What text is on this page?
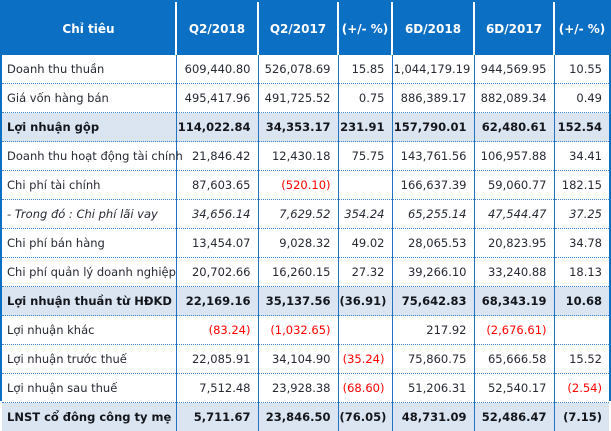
Chỉ tiêu	Q2/2018	Q2/2017	(+/- %)	6D/2018	6D/2017	(+/- %)
Doanh thu thuần	609,440.80	526,078.69	15.85	1,044,179.19	944,569.95	10.55
Giá vốn hàng bán	495,417.96	491,725.52	0.75	886,389.17	882,089.34	0.49
Lợi nhuận gộp	114,022.84	34,353.17	231.91	157,790.01	62,480.61	152.54
Doanh thu hoạt động tài chính	21,846.42	12,430.18	75.75	143,761.56	106,957.88	34.41
Chi phí tài chính	87,603.65	(520.10)		166,637.39	59,060.77	182.15
- Trong đó : Chi phí lãi vay	34,656.14	7,629.52	354.24	65,255.14	47,544.47	37.25
Chi phí bán hàng	13,454.07	9,028.32	49.02	28,065.53	20,823.95	34.78
Chi phí quản lý doanh nghiệp	20,702.66	16,260.15	27.32	39,266.10	33,240.88	18.13
Lợi nhuận thuần từ HĐKD	22,169.16	35,137.56	(36.91)	75,642.83	68,343.19	10.68
Lợi nhuận khác	(83.24)	(1,032.65)		217.92	(2,676.61)	
Lợi nhuận trước thuế	22,085.91	34,104.90	(35.24)	75,860.75	65,666.58	15.52
Lợi nhuận sau thuế	7,512.48	23,928.38	(68.60)	51,206.31	52,540.17	(2.54)
LNST cổ đông công ty mẹ	5,711.67	23,846.50	(76.05)	48,731.09	52,486.47	(7.15)
